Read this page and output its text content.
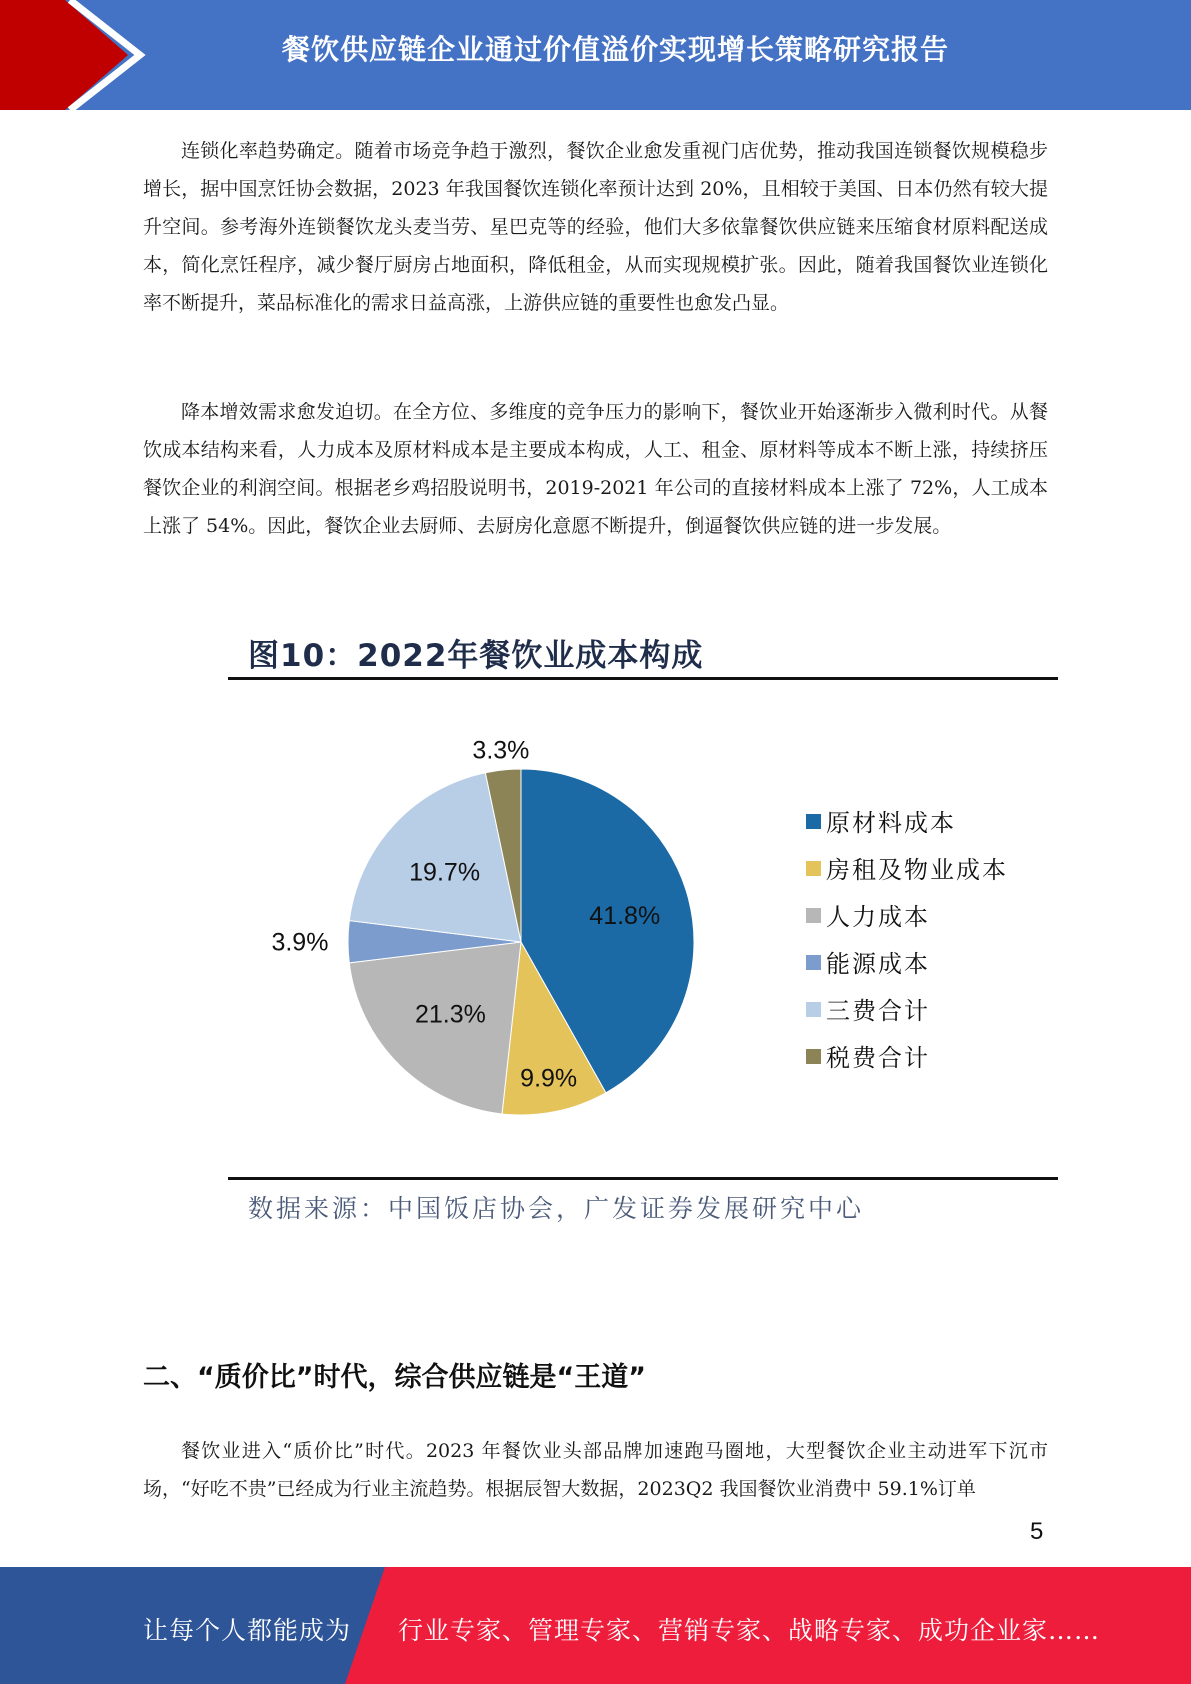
餐饮供应链企业通过价值溢价实现增长策略研究报告

连锁化率趋势确定。随着市场竞争趋于激烈，餐饮企业愈发重视门店优势，推动我国连锁餐饮规模稳步增长，据中国烹饪协会数据，2023 年我国餐饮连锁化率预计达到 20%，且相较于美国、日本仍然有较大提升空间。参考海外连锁餐饮龙头麦当劳、星巴克等的经验，他们大多依靠餐饮供应链来压缩食材原料配送成本，简化烹饪程序，减少餐厅厨房占地面积，降低租金，从而实现规模扩张。因此，随着我国餐饮业连锁化率不断提升，菜品标准化的需求日益高涨，上游供应链的重要性也愈发凸显。

降本增效需求愈发迫切。在全方位、多维度的竞争压力的影响下，餐饮业开始逐渐步入微利时代。从餐饮成本结构来看，人力成本及原材料成本是主要成本构成，人工、租金、原材料等成本不断上涨，持续挤压餐饮企业的利润空间。根据老乡鸡招股说明书，2019-2021 年公司的直接材料成本上涨了 72%，人工成本上涨了 54%。因此，餐饮企业去厨师、去厨房化意愿不断提升，倒逼餐饮供应链的进一步发展。

图10：2022年餐饮业成本构成
41.8%
9.9%
21.3%
3.9%
19.7%
3.3%
原材料成本
房租及物业成本
人力成本
能源成本
三费合计
税费合计
数据来源：中国饭店协会，广发证券发展研究中心
二、“质价比”时代，综合供应链是“王道”

餐饮业进入“质价比”时代。2023 年餐饮业头部品牌加速跑马圈地，大型餐饮企业主动进军下沉市场，“好吃不贵”已经成为行业主流趋势。根据辰智大数据，2023Q2 我国餐饮业消费中 59.1%订单

5
让每个人都能成为 行业专家、管理专家、营销专家、战略专家、成功企业家……
